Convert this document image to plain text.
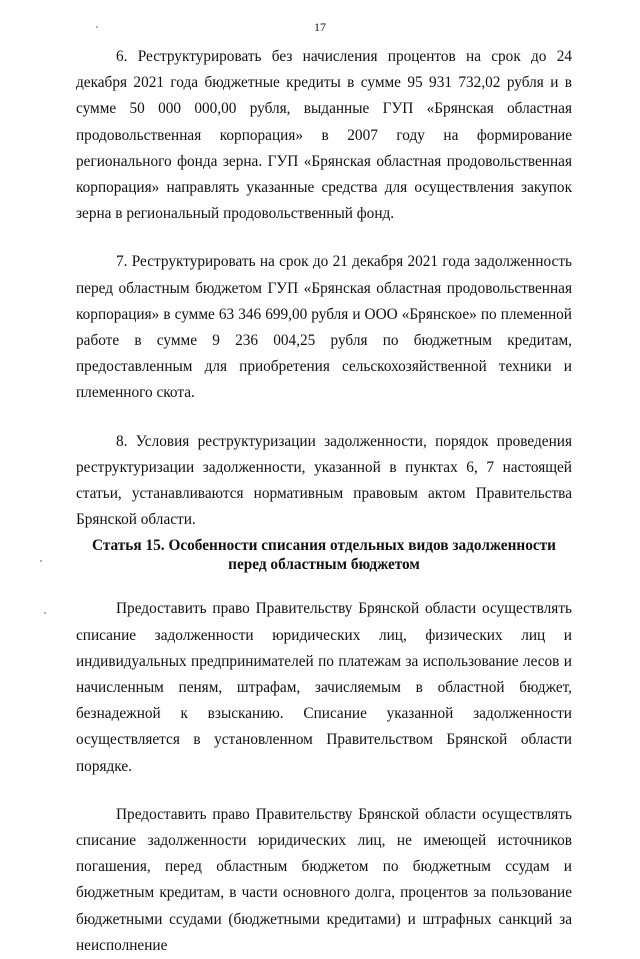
17

6. Реструктурировать без начисления процентов на срок до 24 декабря 2021 года бюджетные кредиты в сумме 95 931 732,02 рубля и в сумме 50 000 000,00 рубля, выданные ГУП «Брянская областная продовольственная корпорация» в 2007 году на формирование регионального фонда зерна. ГУП «Брянская областная продовольственная корпорация» направлять указанные средства для осуществления закупок зерна в региональный продовольственный фонд.

7. Реструктурировать на срок до 21 декабря 2021 года задолженность перед областным бюджетом ГУП «Брянская областная продовольственная корпорация» в сумме 63 346 699,00 рубля и ООО «Брянское» по племенной работе в сумме 9 236 004,25 рубля по бюджетным кредитам, предоставленным для приобретения сельскохозяйственной техники и племенного скота.

8. Условия реструктуризации задолженности, порядок проведения реструктуризации задолженности, указанной в пунктах 6, 7 настоящей статьи, устанавливаются нормативным правовым актом Правительства Брянской области.

Статья 15. Особенности списания отдельных видов задолженности
перед областным бюджетом

Предоставить право Правительству Брянской области осуществлять списание задолженности юридических лиц, физических лиц и индивидуальных предпринимателей по платежам за использование лесов и начисленным пеням, штрафам, зачисляемым в областной бюджет, безнадежной к взысканию. Списание указанной задолженности осуществляется в установленном Правительством Брянской области порядке.

Предоставить право Правительству Брянской области осуществлять списание задолженности юридических лиц, не имеющей источников погашения, перед областным бюджетом по бюджетным ссудам и бюджетным кредитам, в части основного долга, процентов за пользование бюджетными ссудами (бюджетными кредитами) и штрафных санкций за неисполнение
